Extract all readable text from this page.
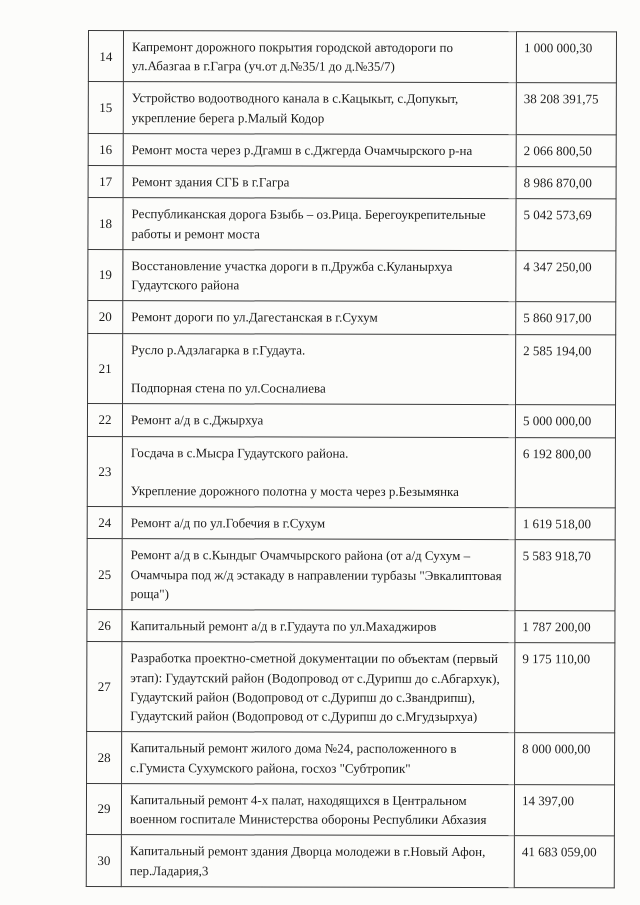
14	Капремонт дорожного покрытия городской автодороги по ул.Абазгаа в г.Гагра (уч.от д.№35/1 до д.№35/7)	1 000 000,30
15	Устройство водоотводного канала в с.Кацыкыт, с.Допукыт, укрепление берега р.Малый Кодор	38 208 391,75
16	Ремонт моста через р.Дгамш в с.Джгерда Очамчырского р-на	2 066 800,50
17	Ремонт здания СГБ в г.Гагра	8 986 870,00
18	Республиканская дорога Бзыбь – оз.Рица. Берегоукрепительные работы и ремонт моста	5 042 573,69
19	Восстановление участка дороги в п.Дружба с.Куланырхуа Гудаутского района	4 347 250,00
20	Ремонт дороги по ул.Дагестанская в г.Сухум	5 860 917,00
21	Русло р.Адзлагарка в г.Гудаута.

Подпорная стена по ул.Сосналиева	2 585 194,00
22	Ремонт а/д в с.Джырхуа	5 000 000,00
23	Госдача в с.Мысра Гудаутского района.

Укрепление дорожного полотна у моста через р.Безымянка	6 192 800,00
24	Ремонт а/д по ул.Гобечия в г.Сухум	1 619 518,00
25	Ремонт а/д в с.Кындыг Очамчырского района (от а/д Сухум – Очамчыра под ж/д эстакаду в направлении турбазы "Эвкалиптовая роща")	5 583 918,70
26	Капитальный ремонт а/д в г.Гудаута по ул.Махаджиров	1 787 200,00
27	Разработка проектно-сметной документации по объектам (первый этап): Гудаутский район (Водопровод от с.Дурипш до с.Абгархук), Гудаутский район (Водопровод от с.Дурипш до с.Звандрипш), Гудаутский район (Водопровод от с.Дурипш до с.Мгудзырхуа)	9 175 110,00
28	Капитальный ремонт жилого дома №24, расположенного в с.Гумиста Сухумского района, госхоз "Субтропик"	8 000 000,00
29	Капитальный ремонт 4-х палат, находящихся в Центральном военном госпитале Министерства обороны Республики Абхазия	14 397,00
30	Капитальный ремонт здания Дворца молодежи в г.Новый Афон, пер.Ладария,3	41 683 059,00
